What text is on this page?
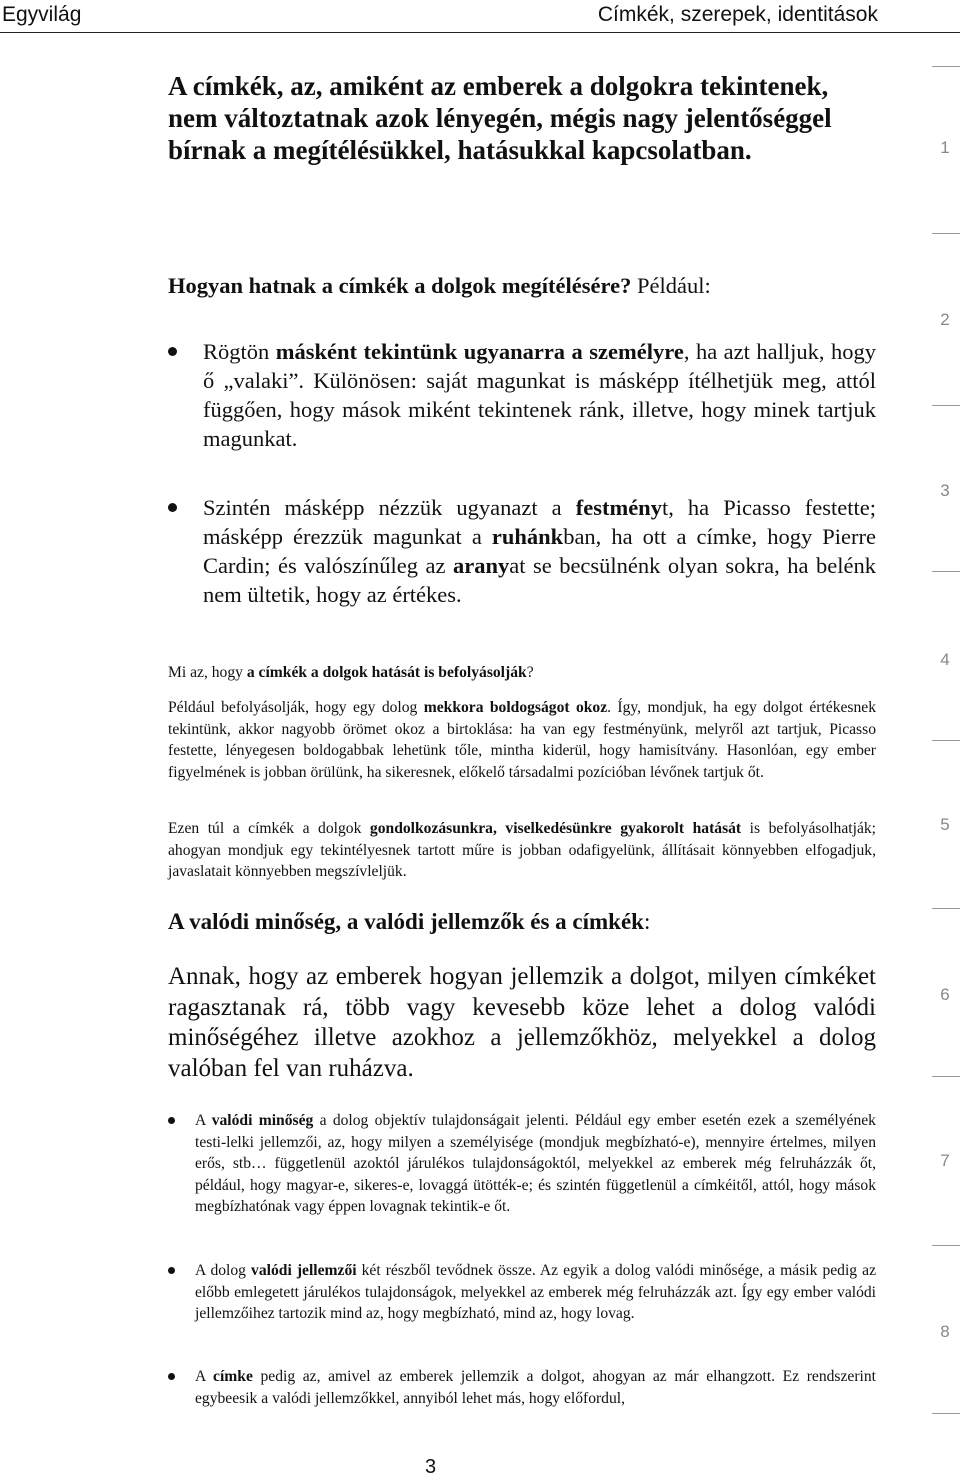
Egyvilág	Címkék, szerepek, identitások

A címkék, az, amiként az emberek a dolgokra tekintenek, nem változtatnak azok lényegén, mégis nagy jelentőséggel bírnak a megítélésükkel, hatásukkal kapcsolatban.

Hogyan hatnak a címkék a dolgok megítélésére? Például:

Rögtön másként tekintünk ugyanarra a személyre, ha azt halljuk, hogy ő „valaki”. Különösen: saját magunkat is másképp ítélhetjük meg, attól függően, hogy mások miként tekintenek ránk, illetve, hogy minek tartjuk magunkat.
Szintén másképp nézzük ugyanazt a festményt, ha Picasso festette; másképp érezzük magunkat a ruhánkban, ha ott a címke, hogy Pierre Cardin; és valószínűleg az aranyat se becsülnénk olyan sokra, ha belénk nem ültetik, hogy az értékes.

Mi az, hogy a címkék a dolgok hatását is befolyásolják?

Például befolyásolják, hogy egy dolog mekkora boldogságot okoz. Így, mondjuk, ha egy dolgot értékesnek tekintünk, akkor nagyobb örömet okoz a birtoklása: ha van egy festményünk, melyről azt tartjuk, Picasso festette, lényegesen boldogabbak lehetünk tőle, mintha kiderül, hogy hamisítvány. Hasonlóan, egy ember figyelmének is jobban örülünk, ha sikeresnek, előkelő társadalmi pozícióban lévőnek tartjuk őt.

Ezen túl a címkék a dolgok gondolkozásunkra, viselkedésünkre gyakorolt hatását is befolyásolhatják; ahogyan mondjuk egy tekintélyesnek tartott műre is jobban odafigyelünk, állításait könnyebben elfogadjuk, javaslatait könnyebben megszívleljük.

A valódi minőség, a valódi jellemzők és a címkék:

Annak, hogy az emberek hogyan jellemzik a dolgot, milyen címkéket ragasztanak rá, több vagy kevesebb köze lehet a dolog valódi minőségéhez illetve azokhoz a jellemzőkhöz, melyekkel a dolog valóban fel van ruházva.

A valódi minőség a dolog objektív tulajdonságait jelenti. Például egy ember esetén ezek a személyének testi-lelki jellemzői, az, hogy milyen a személyisége (mondjuk megbízható-e), mennyire értelmes, milyen erős, stb… függetlenül azoktól járulékos tulajdonságoktól, melyekkel az emberek még felruházzák őt, például, hogy magyar-e, sikeres-e, lovaggá ütötték-e; és szintén függetlenül a címkéitől, attól, hogy mások megbízhatónak vagy éppen lovagnak tekintik-e őt.
A dolog valódi jellemzői két részből tevődnek össze. Az egyik a dolog valódi minősége, a másik pedig az előbb emlegetett járulékos tulajdonságok, melyekkel az emberek még felruházzák azt. Így egy ember valódi jellemzőihez tartozik mind az, hogy megbízható, mind az, hogy lovag.
A címke pedig az, amivel az emberek jellemzik a dolgot, ahogyan az már elhangzott. Ez rendszerint egybeesik a valódi jellemzőkkel, annyiból lehet más, hogy előfordul,
1
2
3
4
5
6
7
8
3
